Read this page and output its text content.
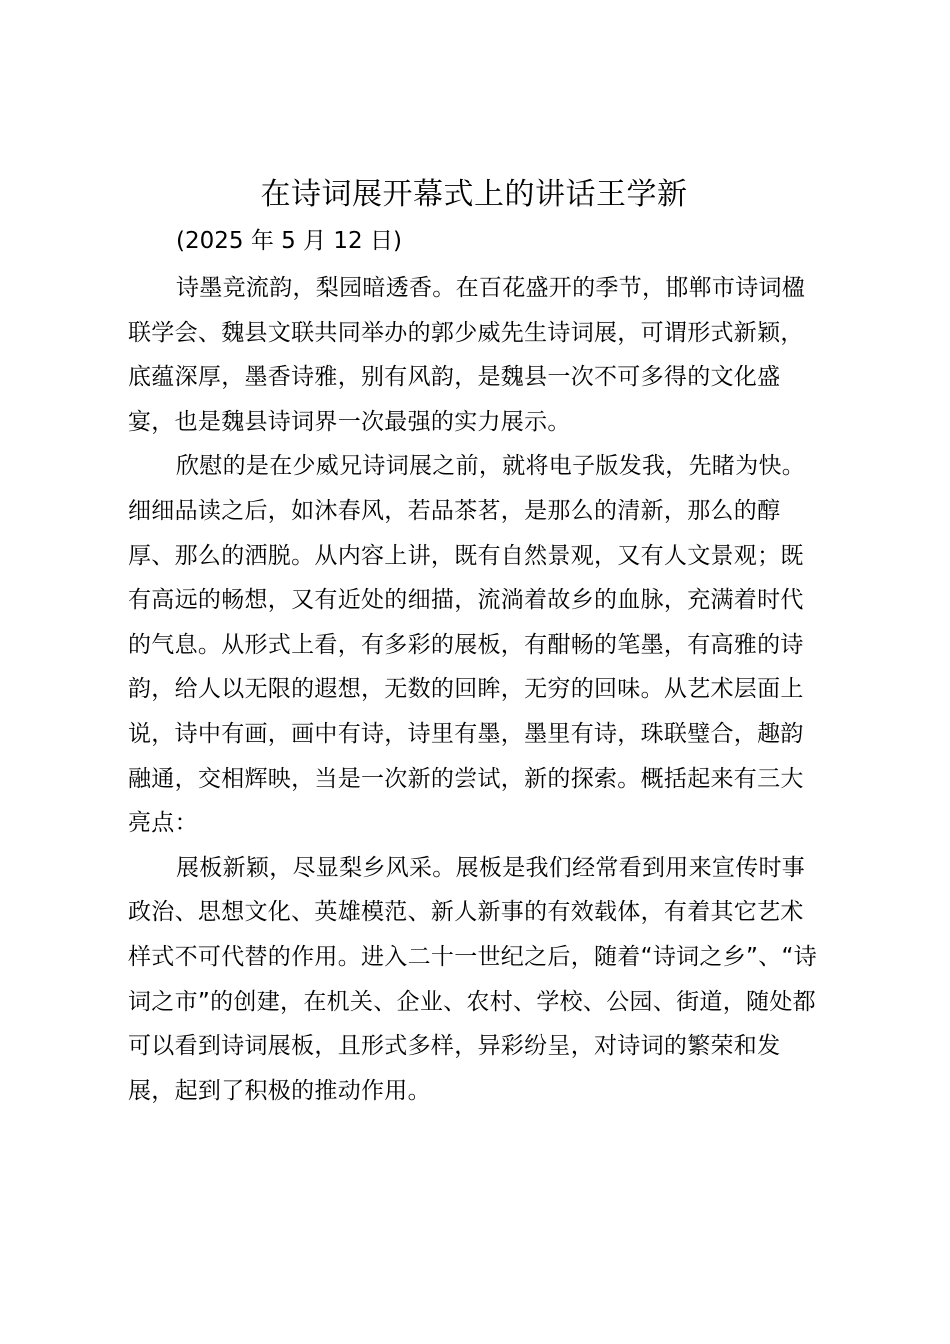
在诗词展开幕式上的讲话王学新

(2025 年 5 月 12 日)

诗墨竞流韵，梨园暗透香。在百花盛开的季节，邯郸市诗词楹联学会、魏县文联共同举办的郭少威先生诗词展，可谓形式新颖，底蕴深厚，墨香诗雅，别有风韵，是魏县一次不可多得的文化盛宴，也是魏县诗词界一次最强的实力展示。

欣慰的是在少威兄诗词展之前，就将电子版发我，先睹为快。细细品读之后，如沐春风，若品茶茗，是那么的清新，那么的醇厚、那么的洒脱。从内容上讲，既有自然景观，又有人文景观；既有高远的畅想，又有近处的细描，流淌着故乡的血脉，充满着时代的气息。从形式上看，有多彩的展板，有酣畅的笔墨，有高雅的诗韵，给人以无限的遐想，无数的回眸，无穷的回味。从艺术层面上说，诗中有画，画中有诗，诗里有墨，墨里有诗，珠联璧合，趣韵融通，交相辉映，当是一次新的尝试，新的探索。概括起来有三大亮点：

展板新颖，尽显梨乡风采。展板是我们经常看到用来宣传时事政治、思想文化、英雄模范、新人新事的有效载体，有着其它艺术样式不可代替的作用。进入二十一世纪之后，随着“诗词之乡”、“诗词之市”的创建，在机关、企业、农村、学校、公园、街道，随处都可以看到诗词展板，且形式多样，异彩纷呈，对诗词的繁荣和发展，起到了积极的推动作用。
